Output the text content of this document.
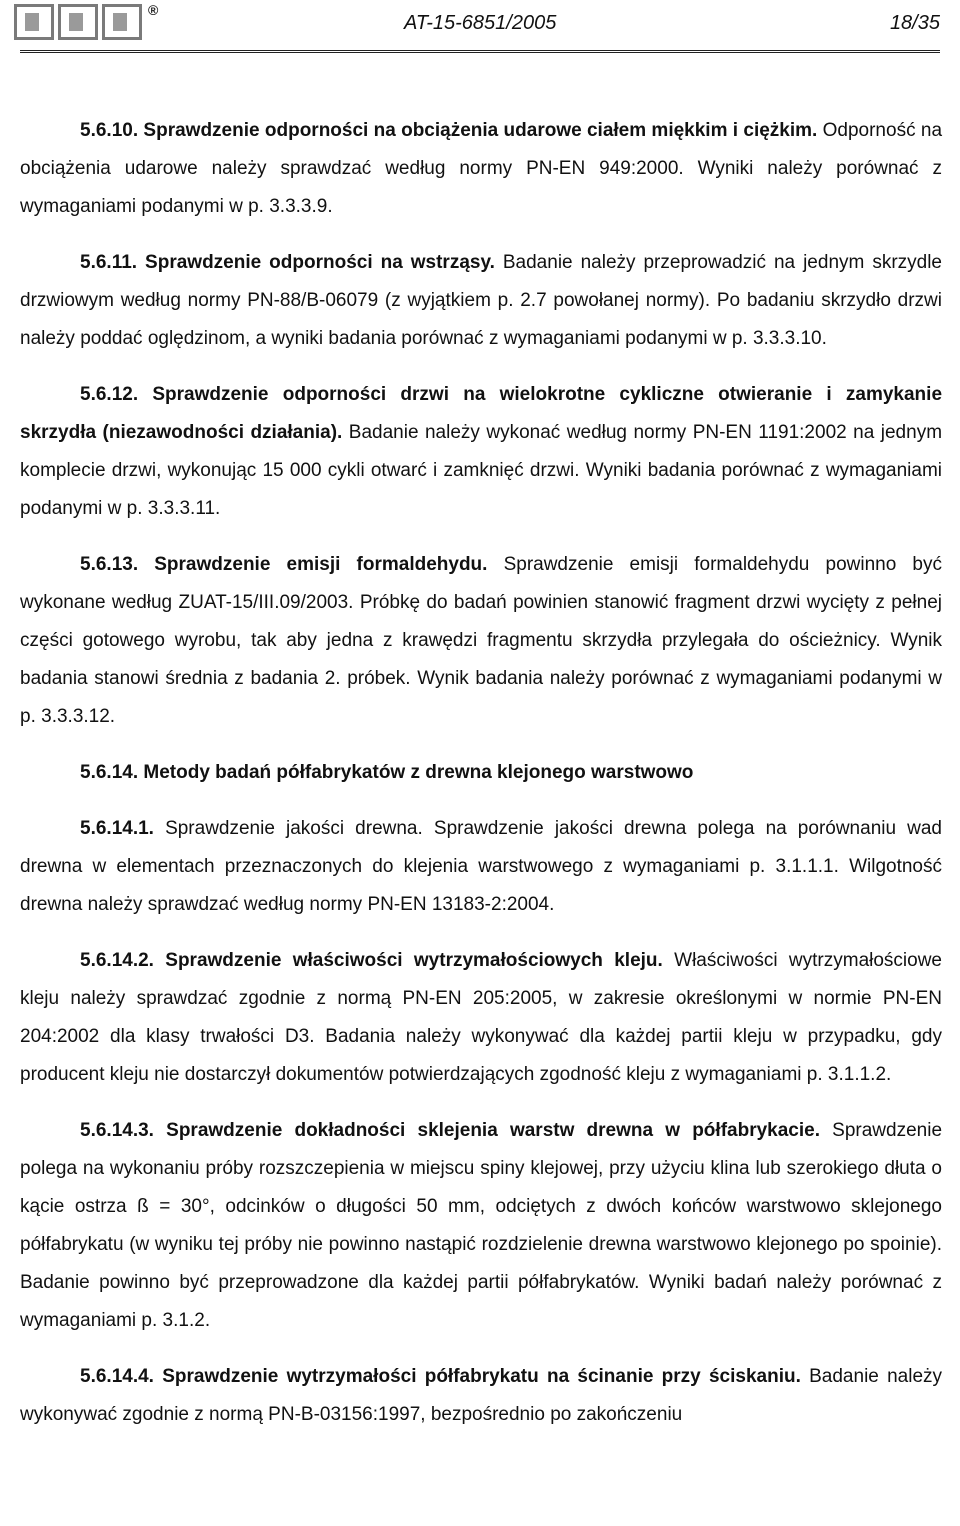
®
AT-15-6851/2005	18/35

5.6.10. Sprawdzenie odporności na obciążenia udarowe ciałem miękkim i ciężkim. Odporność na obciążenia udarowe należy sprawdzać według normy PN-EN 949:2000. Wyniki należy porównać z wymaganiami podanymi w p. 3.3.3.9.

5.6.11. Sprawdzenie odporności na wstrząsy. Badanie należy przeprowadzić na jednym skrzydle drzwiowym według normy PN-88/B-06079 (z wyjątkiem p. 2.7 powołanej normy). Po badaniu skrzydło drzwi należy poddać oględzinom, a wyniki badania porównać z wymaganiami podanymi w p. 3.3.3.10.

5.6.12. Sprawdzenie odporności drzwi na wielokrotne cykliczne otwieranie i zamykanie skrzydła (niezawodności działania). Badanie należy wykonać według normy PN-EN 1191:2002 na jednym komplecie drzwi, wykonując 15 000 cykli otwarć i zamknięć drzwi. Wyniki badania porównać z wymaganiami podanymi w p. 3.3.3.11.

5.6.13. Sprawdzenie emisji formaldehydu. Sprawdzenie emisji formaldehydu powinno być wykonane według ZUAT-15/III.09/2003. Próbkę do badań powinien stanowić fragment drzwi wycięty z pełnej części gotowego wyrobu, tak aby jedna z krawędzi fragmentu skrzydła przylegała do ościeżnicy. Wynik badania stanowi średnia z badania 2. próbek. Wynik badania należy porównać z wymaganiami podanymi w p. 3.3.3.12.

5.6.14. Metody badań półfabrykatów z drewna klejonego warstwowo

5.6.14.1. Sprawdzenie jakości drewna. Sprawdzenie jakości drewna polega na porównaniu wad drewna w elementach przeznaczonych do klejenia warstwowego z wymaganiami p. 3.1.1.1. Wilgotność drewna należy sprawdzać według normy PN-EN 13183-2:2004.

5.6.14.2. Sprawdzenie właściwości wytrzymałościowych kleju. Właściwości wytrzymałościowe kleju należy sprawdzać zgodnie z normą PN-EN 205:2005, w zakresie określonymi w normie PN-EN 204:2002 dla klasy trwałości D3. Badania należy wykonywać dla każdej partii kleju w przypadku, gdy producent kleju nie dostarczył dokumentów potwierdzających zgodność kleju z wymaganiami p. 3.1.1.2.

5.6.14.3. Sprawdzenie dokładności sklejenia warstw drewna w półfabrykacie. Sprawdzenie polega na wykonaniu próby rozszczepienia w miejscu spiny klejowej, przy użyciu klina lub szerokiego dłuta o kącie ostrza ß = 30°, odcinków o długości 50 mm, odciętych z dwóch końców warstwowo sklejonego półfabrykatu (w wyniku tej próby nie powinno nastąpić rozdzielenie drewna warstwowo klejonego po spoinie). Badanie powinno być przeprowadzone dla każdej partii półfabrykatów. Wyniki badań należy porównać z wymaganiami p. 3.1.2.

5.6.14.4. Sprawdzenie wytrzymałości półfabrykatu na ścinanie przy ściskaniu. Badanie należy wykonywać zgodnie z normą PN-B-03156:1997, bezpośrednio po zakończeniu
